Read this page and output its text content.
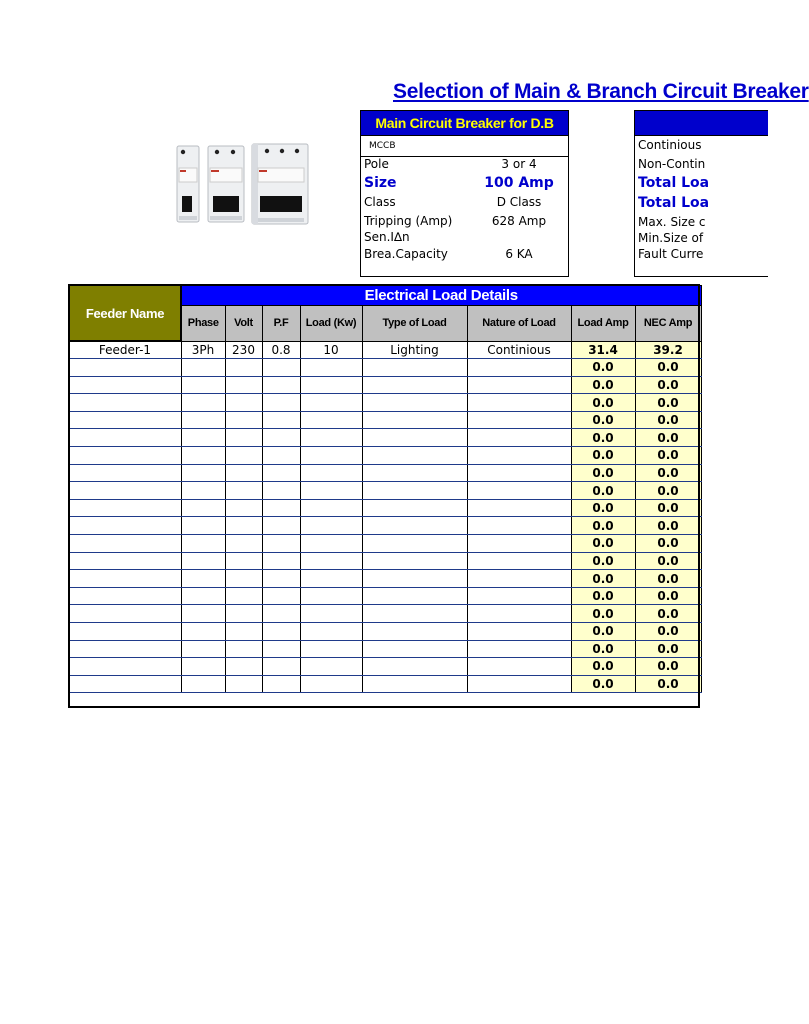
Selection of Main & Branch Circuit Breaker
Main Circuit Breaker for D.B
MCCB
Pole	3 or 4
Size	100 Amp
Class	D Class
Tripping (Amp)	628 Amp
Sen.I∆n
Brea.Capacity	6 KA
Continious
Non-Contin
Total Loa
Total Loa
Max. Size c
Min.Size of
Fault Curre
Feeder Name	Electrical Load Details							
	Phase	Volt	P.F	Load (Kw)	Type of Load	Nature of Load	Load Amp	NEC Amp
Feeder-1	3Ph	230	0.8	10	Lighting	Continious	31.4	39.2
							0.0	0.0
							0.0	0.0
							0.0	0.0
							0.0	0.0
							0.0	0.0
							0.0	0.0
							0.0	0.0
							0.0	0.0
							0.0	0.0
							0.0	0.0
							0.0	0.0
							0.0	0.0
							0.0	0.0
							0.0	0.0
							0.0	0.0
							0.0	0.0
							0.0	0.0
							0.0	0.0
							0.0	0.0
